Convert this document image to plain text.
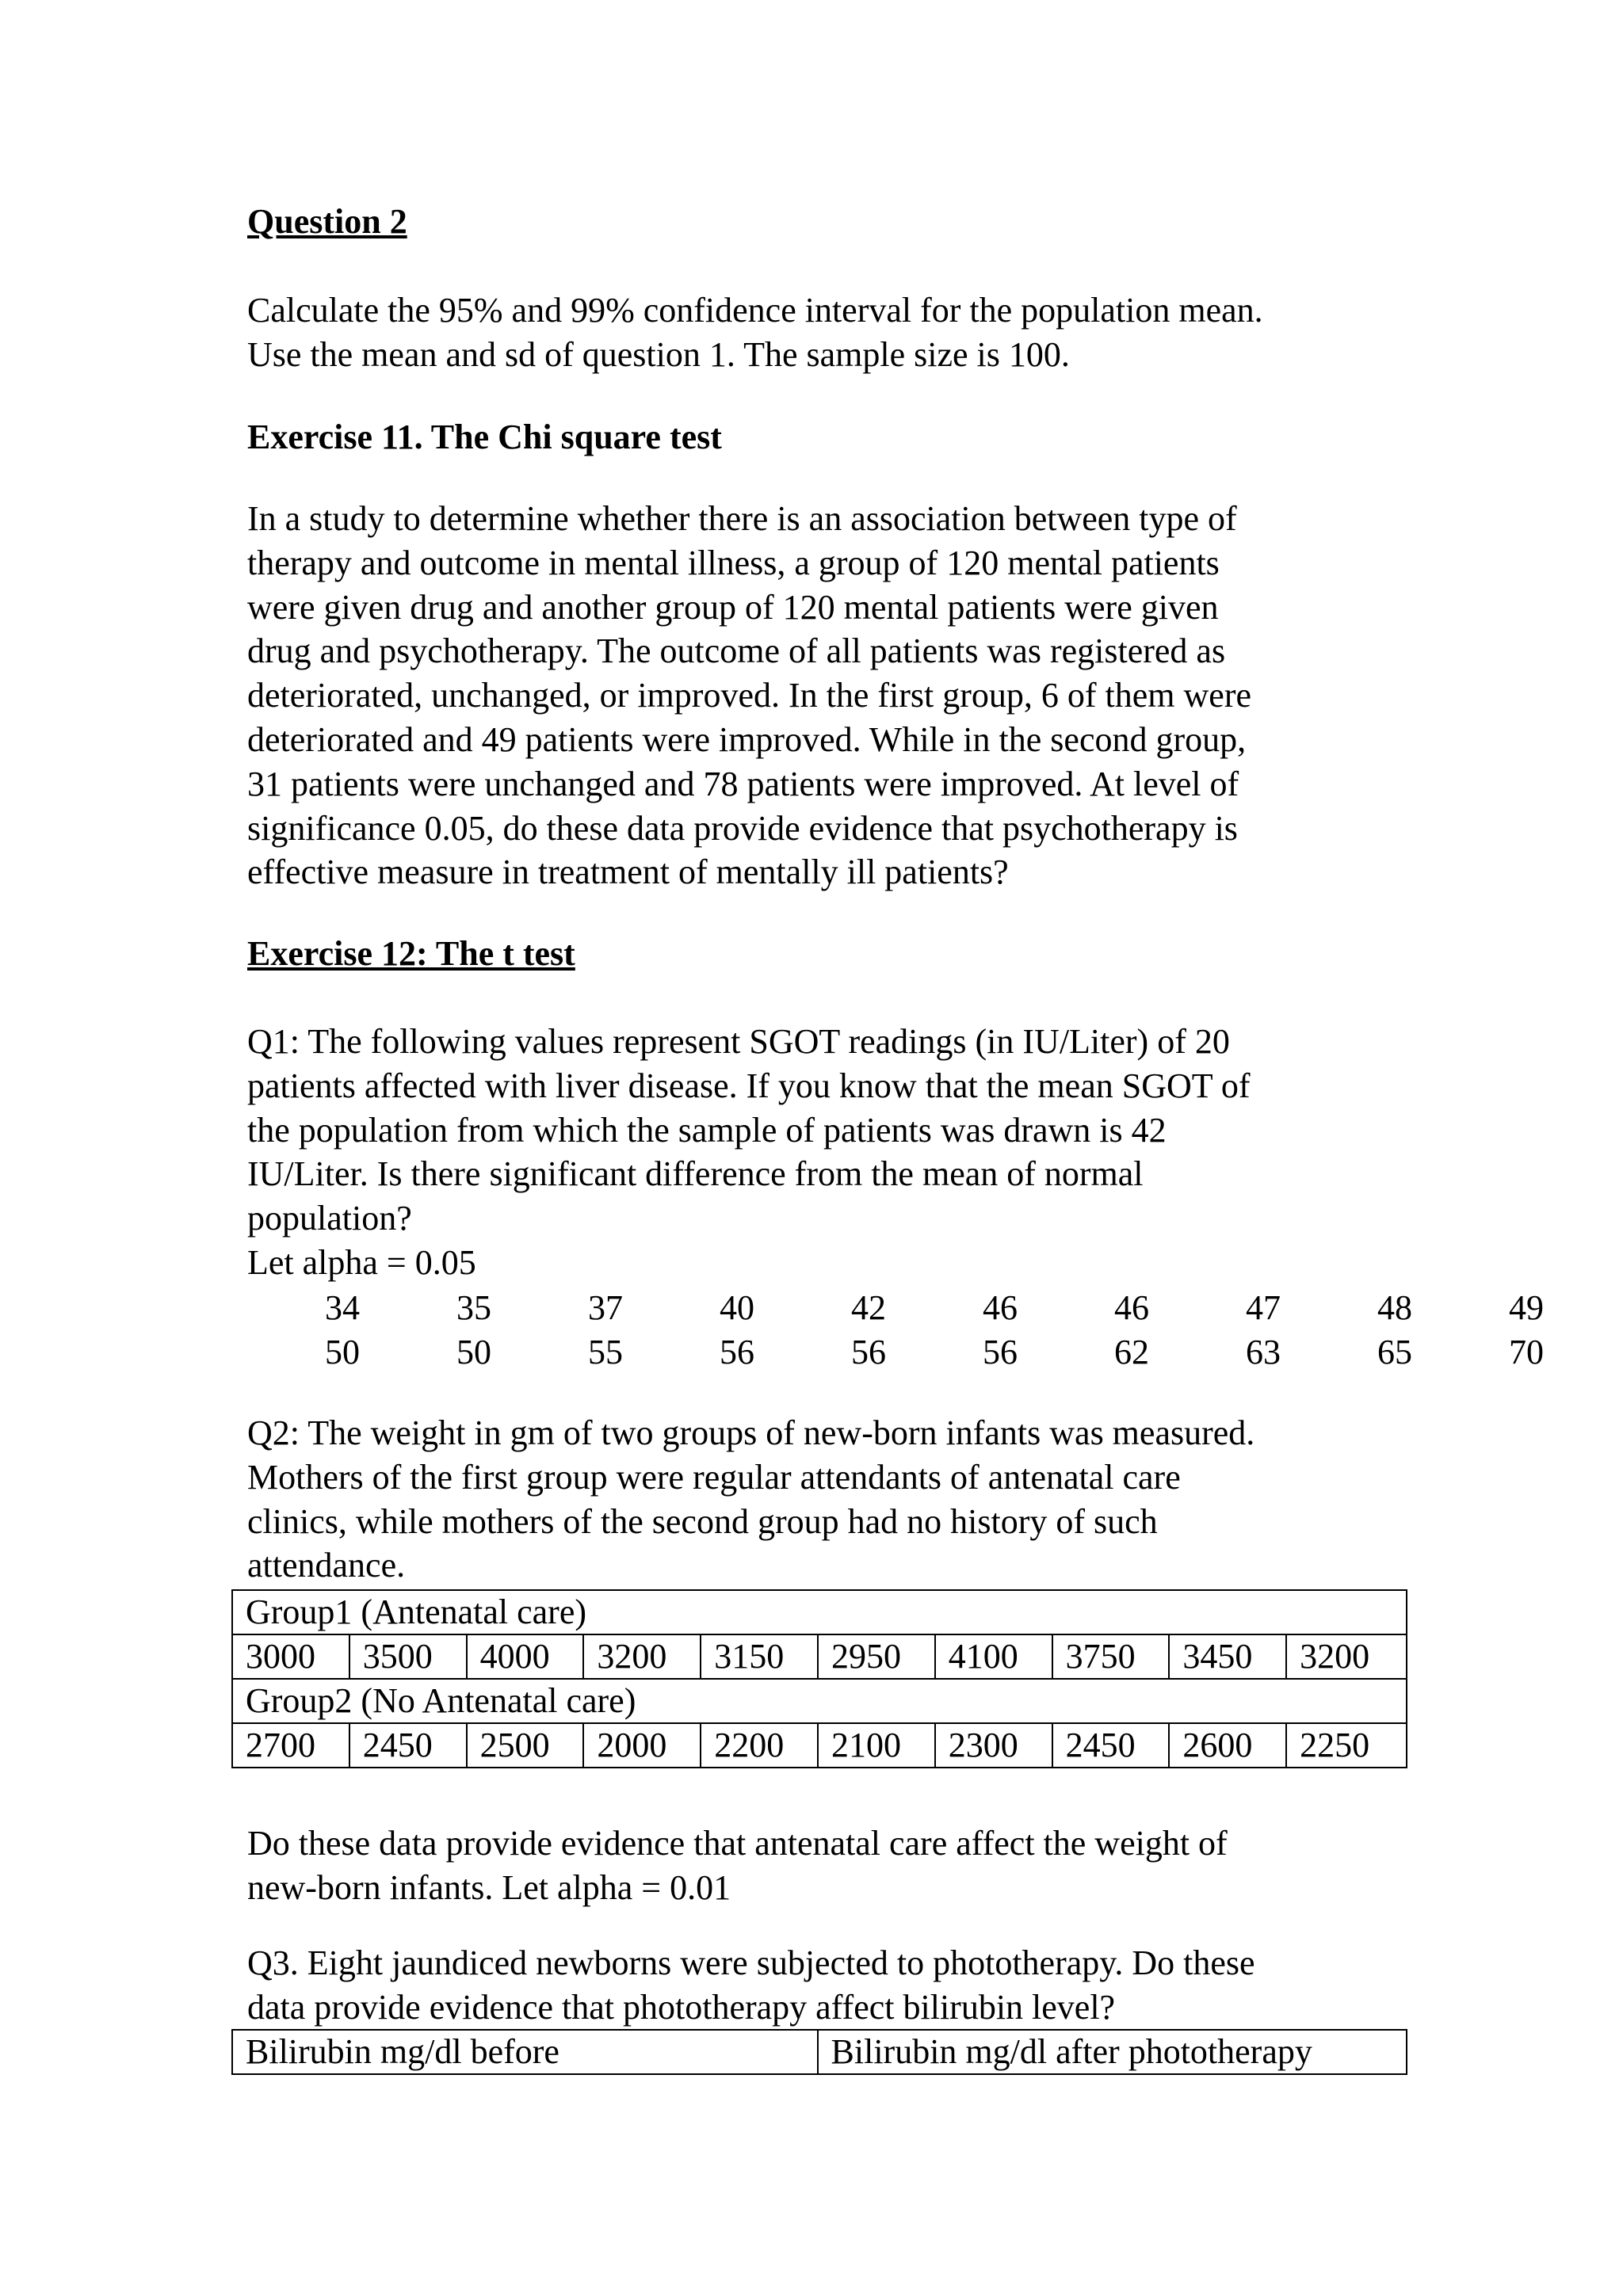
Question 2
Calculate the 95% and 99% confidence interval for the population mean.
Use the mean and sd of question 1. The sample size is 100.
Exercise 11. The Chi square test
In a study to determine whether there is an association between type of
therapy and outcome in mental illness, a group of 120 mental patients
were given drug and another group of 120 mental patients were given
drug and psychotherapy. The outcome of all patients was registered as
deteriorated, unchanged, or improved. In the first group, 6 of them were
deteriorated and 49 patients were improved. While in the second group,
31 patients were unchanged and 78 patients were improved. At level of
significance 0.05, do these data provide evidence that psychotherapy is
effective measure in treatment of mentally ill patients?
Exercise 12: The t test
Q1: The following values represent SGOT readings (in IU/Liter) of 20
patients affected with liver disease. If you know that the mean SGOT of
the population from which the sample of patients was drawn is 42
IU/Liter. Is there significant difference from the mean of normal
population?
Let alpha = 0.05
34	35	37	40	42	46	46	47	48	49
50	50	55	56	56	56	62	63	65	70
Q2: The weight in gm of two groups of new-born infants was measured.
Mothers of the first group were regular attendants of antenatal care
clinics, while mothers of the second group had no history of such
attendance.
Group1 (Antenatal care)									
3000	3500	4000	3200	3150	2950	4100	3750	3450	3200
Group2 (No Antenatal care)									
2700	2450	2500	2000	2200	2100	2300	2450	2600	2250
Do these data provide evidence that antenatal care affect the weight of
new-born infants. Let alpha = 0.01
Q3. Eight jaundiced newborns were subjected to phototherapy. Do these
data provide evidence that phototherapy affect bilirubin level?
Bilirubin mg/dl before	Bilirubin mg/dl after phototherapy
